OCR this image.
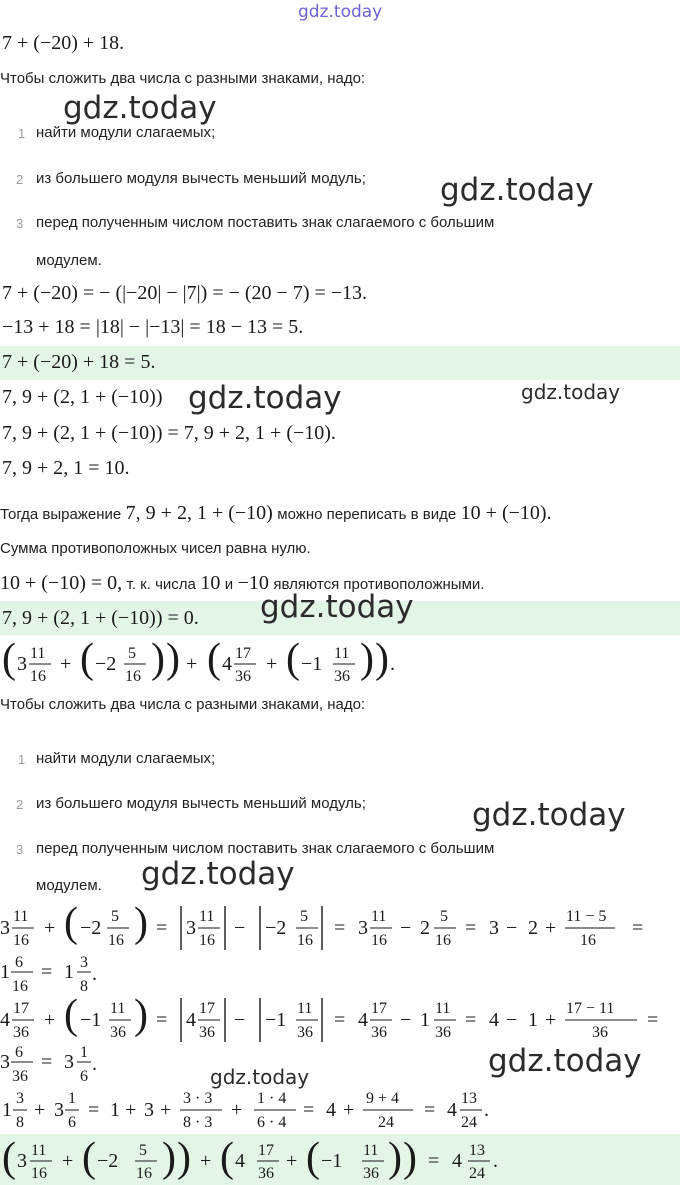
gdz.today
gdz.today
gdz.today
gdz.today	gdz.today
gdz.today
gdz.today
gdz.today
gdz.today
gdz.today
7 + (−20) + 18.
Чтобы сложить два числа с разными знаками, надо:
1 найти модули слагаемых;
2 из большего модуля вычесть меньший модуль;
3 перед полученным числом поставить знак слагаемого с большим
модулем.
7 + (−20) = − (|−20| − |7|) = − (20 − 7) = −13.
−13 + 18 = |18| − |−13| = 18 − 13 = 5.
7 + (−20) + 18 = 5.
7, 9 + (2, 1 + (−10))
7, 9 + (2, 1 + (−10)) = 7, 9 + 2, 1 + (−10).
7, 9 + 2, 1 = 10.
Тогда выражение 7, 9 + 2, 1 + (−10) можно переписать в виде 10 + (−10).
Сумма противоположных чисел равна нулю.
10 + (−10) = 0, т. к. числа 10 и −10 являются противоположными.
7, 9 + (2, 1 + (−10)) = 0.
( 3 11
16
+ ( −2 5
16 ) ) + ( 4 17
36
+ ( −1 11
36 ) ) .
Чтобы сложить два числа с разными знаками, надо:
1 найти модули слагаемых;
2 из большего модуля вычесть меньший модуль;
3 перед полученным числом поставить знак слагаемого с большим
модулем.
3
11
16
+ ( −2
5
16 ) = 3
11
16
− −2
5
16
= 3
11
16
− 2
5
16
= 3 − 2 +
11 − 5
16
=
1 6
16
= 1 3
8
.
4
17
36
+ ( −1
11
36 ) = 4
17
36
− −1
11
36
= 4
17
36
− 1
11
36
= 4 − 1 +
17 − 11
36
=
3 6
36
= 3 1
6
.
1
3
8
+ 3
1
6
= 1 + 3 +
3 · 3
8 · 3
+
1 · 4
6 · 4
= 4 +
9 + 4
24
= 4
13
24
.
( 3 11
16
+ ( −2 5
16 ) ) + ( 4 17
36
+ ( −1 11
36 ) ) = 4 13
24
.
